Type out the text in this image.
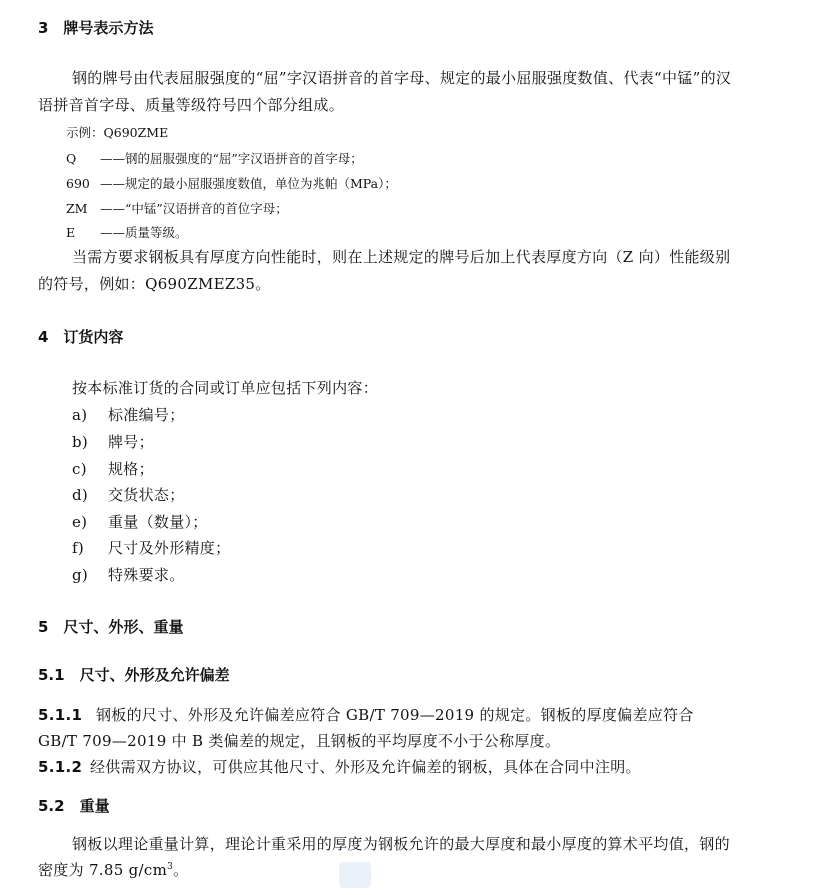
3　牌号表示方法
钢的牌号由代表屈服强度的“屈”字汉语拼音的首字母、规定的最小屈服强度数值、代表“中锰”的汉
语拼音首字母、质量等级符号四个部分组成。
示例：Q690ZME
Q ——钢的屈服强度的“屈”字汉语拼音的首字母；
690 ——规定的最小屈服强度数值，单位为兆帕（MPa）；
ZM ——“中锰”汉语拼音的首位字母；
E ——质量等级。
当需方要求钢板具有厚度方向性能时，则在上述规定的牌号后加上代表厚度方向（Z 向）性能级别
的符号，例如：Q690ZMEZ35。
4　订货内容
按本标准订货的合同或订单应包括下列内容：
a) 标准编号；
b) 牌号；
c) 规格；
d) 交货状态；
e) 重量（数量）；
f) 尺寸及外形精度；
g) 特殊要求。
5　尺寸、外形、重量
5.1　尺寸、外形及允许偏差
5.1.1 钢板的尺寸、外形及允许偏差应符合 GB/T 709—2019 的规定。钢板的厚度偏差应符合
GB/T 709—2019 中 B 类偏差的规定，且钢板的平均厚度不小于公称厚度。
5.1.2 经供需双方协议，可供应其他尺寸、外形及允许偏差的钢板，具体在合同中注明。
5.2　重量
钢板以理论重量计算，理论计重采用的厚度为钢板允许的最大厚度和最小厚度的算术平均值，钢的
密度为 7.85 $g/cm^3$。
